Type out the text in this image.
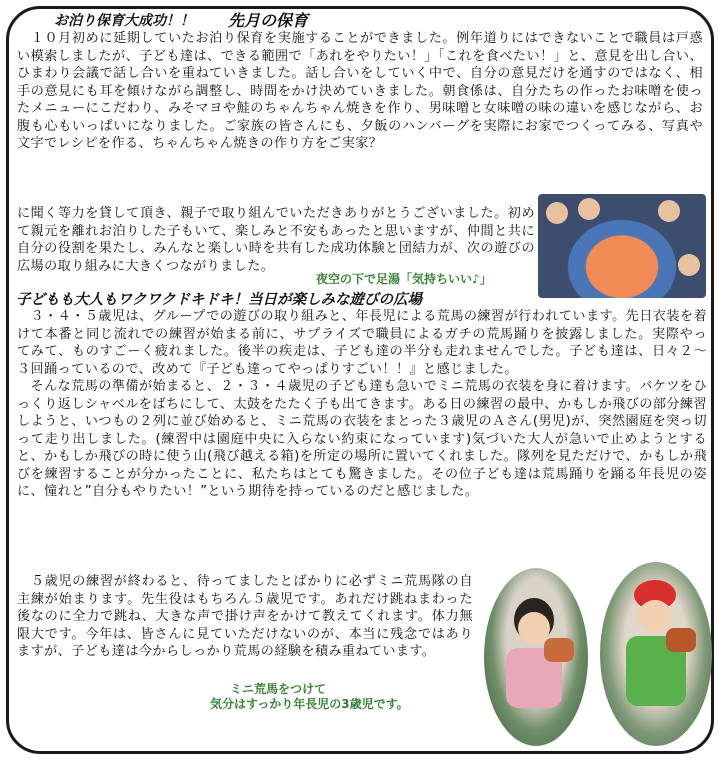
お泊り保育大成功！！ 先月の保育

　１０月初めに延期していたお泊り保育を実施することができました。例年道りにはできないことで職員は戸惑い模索しましたが、子ども達は、できる範囲で「あれをやりたい！」「これを食べたい！」と、意見を出し合い、ひまわり会議で話し合いを重ねていきました。話し合いをしていく中で、自分の意見だけを通すのではなく、相手の意見にも耳を傾けながら調整し、時間をかけ決めていきました。朝食係は、自分たちの作ったお味噌を使ったメニューにこだわり、みそマヨや鮭のちゃんちゃん焼きを作り、男味噌と女味噌の味の違いを感じながら、お腹も心もいっぱいになりました。ご家族の皆さんにも、夕飯のハンバーグを実際にお家でつくってみる、写真や文字でレシピを作る、ちゃんちゃん焼きの作り方をご実家？

に聞く等力を貸して頂き、親子で取り組んでいただきありがとうございました。初めて親元を離れお泊りした子もいて、楽しみと不安もあったと思いますが、仲間と共に自分の役割を果たし、みんなと楽しい時を共有した成功体験と団結力が、次の遊びの広場の取り組みに大きくつながりました。

夜空の下で足湯「気持ちいい♪」
子どもも大人もワクワクドキドキ！当日が楽しみな遊びの広場

　３・４・５歳児は、グループでの遊びの取り組みと、年長児による荒馬の練習が行われています。先日衣装を着けて本番と同じ流れでの練習が始まる前に、サプライズで職員によるガチの荒馬踊りを披露しました。実際やってみて、ものすごーく疲れました。後半の疾走は、子ども達の半分も走れませんでした。子ども達は、日々２～３回踊っているので、改めて『子ども達ってやっぱりすごい！！』と感じました。
　そんな荒馬の準備が始まると、２・３・４歳児の子ども達も急いでミニ荒馬の衣装を身に着けます。バケツをひっくり返しシャベルをばちにして、太鼓をたたく子も出てきます。ある日の練習の最中、かもしか飛びの部分練習しようと、いつもの２列に並び始めると、ミニ荒馬の衣装をまとった３歳児のＡさん(男児)が、突然園庭を突っ切って走り出しました。(練習中は園庭中央に入らない約束になっています)気づいた大人が急いで止めようとすると、かもしか飛びの時に使う山(飛び越える箱)を所定の場所に置いてくれました。隊列を見ただけで、かもしか飛びを練習することが分かったことに、私たちはとても驚きました。その位子ども達は荒馬踊りを踊る年長児の姿に、憧れと”自分もやりたい！”という期待を持っているのだと感じました。

　５歳児の練習が終わると、待ってましたとばかりに必ずミニ荒馬隊の自主練が始まります。先生役はもちろん５歳児です。あれだけ跳ねまわった後なのに全力で跳ね、大きな声で掛け声をかけて教えてくれます。体力無限大です。今年は、皆さんに見ていただけないのが、本当に残念ではありますが、子ども達は今からしっかり荒馬の経験を積み重ねています。

ミニ荒馬をつけて
気分はすっかり年長児の3歳児です。
